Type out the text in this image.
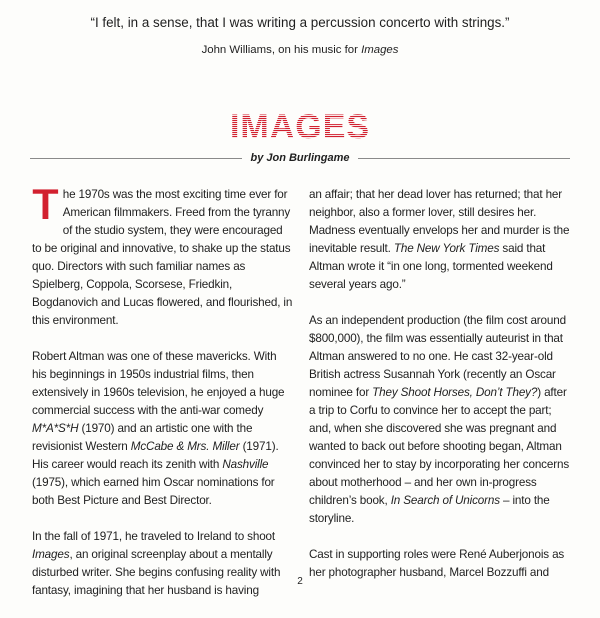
“I felt, in a sense, that I was writing a percussion concerto with strings.”
John Williams, on his music for Images
IMAGES
by Jon Burlingame

The 1970s was the most exciting time ever for American filmmakers. Freed from the tyranny of the studio system, they were encouraged to be original and innovative, to shake up the status quo. Directors with such familiar names as Spielberg, Coppola, Scorsese, Friedkin, Bogdanovich and Lucas flowered, and flourished, in this environment.

Robert Altman was one of these mavericks. With his beginnings in 1950s industrial films, then extensively in 1960s television, he enjoyed a huge commercial success with the anti-war comedy M*A*S*H (1970) and an artistic one with the revisionist Western McCabe & Mrs. Miller (1971). His career would reach its zenith with Nashville (1975), which earned him Oscar nominations for both Best Picture and Best Director.

In the fall of 1971, he traveled to Ireland to shoot Images, an original screenplay about a mentally disturbed writer. She begins confusing reality with fantasy, imagining that her husband is having

an affair; that her dead lover has returned; that her neighbor, also a former lover, still desires her. Madness eventually envelops her and murder is the inevitable result. The New York Times said that Altman wrote it “in one long, tormented weekend several years ago.”

As an independent production (the film cost around $800,000), the film was essentially auteurist in that Altman answered to no one. He cast 32-year-old British actress Susannah York (recently an Oscar nominee for They Shoot Horses, Don’t They?) after a trip to Corfu to convince her to accept the part; and, when she discovered she was pregnant and wanted to back out before shooting began, Altman convinced her to stay by incorporating her concerns about motherhood – and her own in-progress children’s book, In Search of Unicorns – into the storyline.

Cast in supporting roles were René Auberjonois as her photographer husband, Marcel Bozzuffi and

2
